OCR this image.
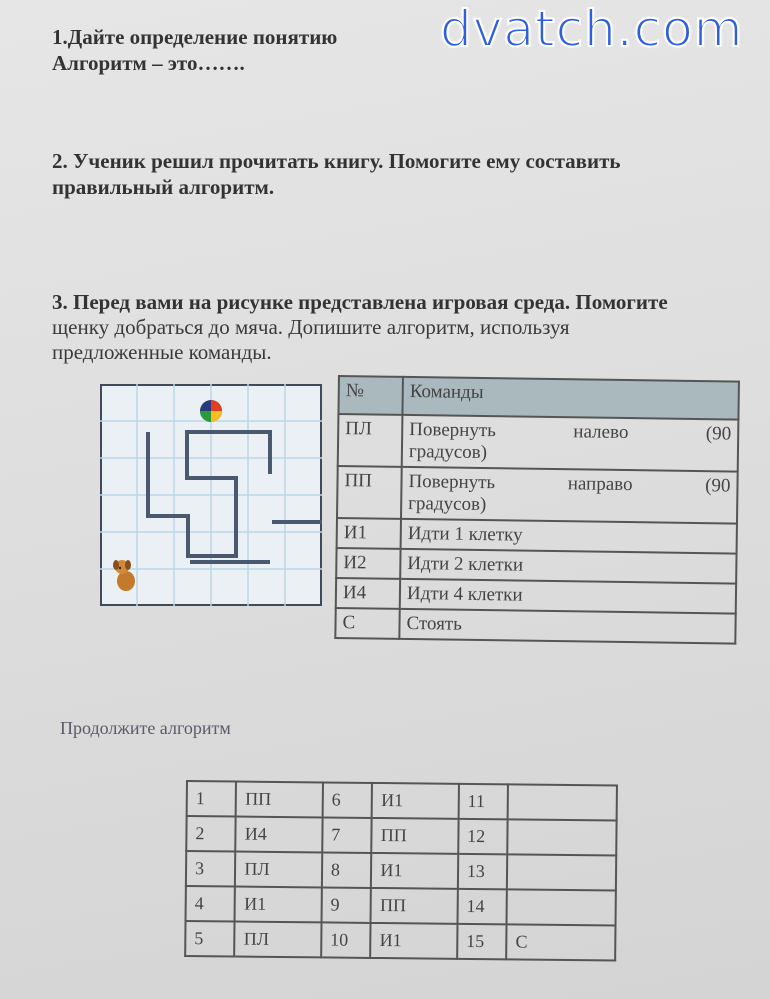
dvatch.com
1.Дайте определение понятию
Алгоритм – это…….
2. Ученик решил прочитать книгу. Помогите ему составить
правильный алгоритм.
3. Перед вами на рисунке представлена игровая среда. Помогите
щенку добраться до мяча. Допишите алгоритм, используя
предложенные команды.
№	Команды
ПЛ	Повернуть налево (90
градусов)

ПП	Повернуть направо (90
градусов)

И1	Идти 1 клетку
И2	Идти 2 клетки
И4	Идти 4 клетки
С	Стоять
Продолжите алгоритм
1	ПП	6	И1	11	
2	И4	7	ПП	12	
3	ПЛ	8	И1	13	
4	И1	9	ПП	14	
5	ПЛ	10	И1	15	С
